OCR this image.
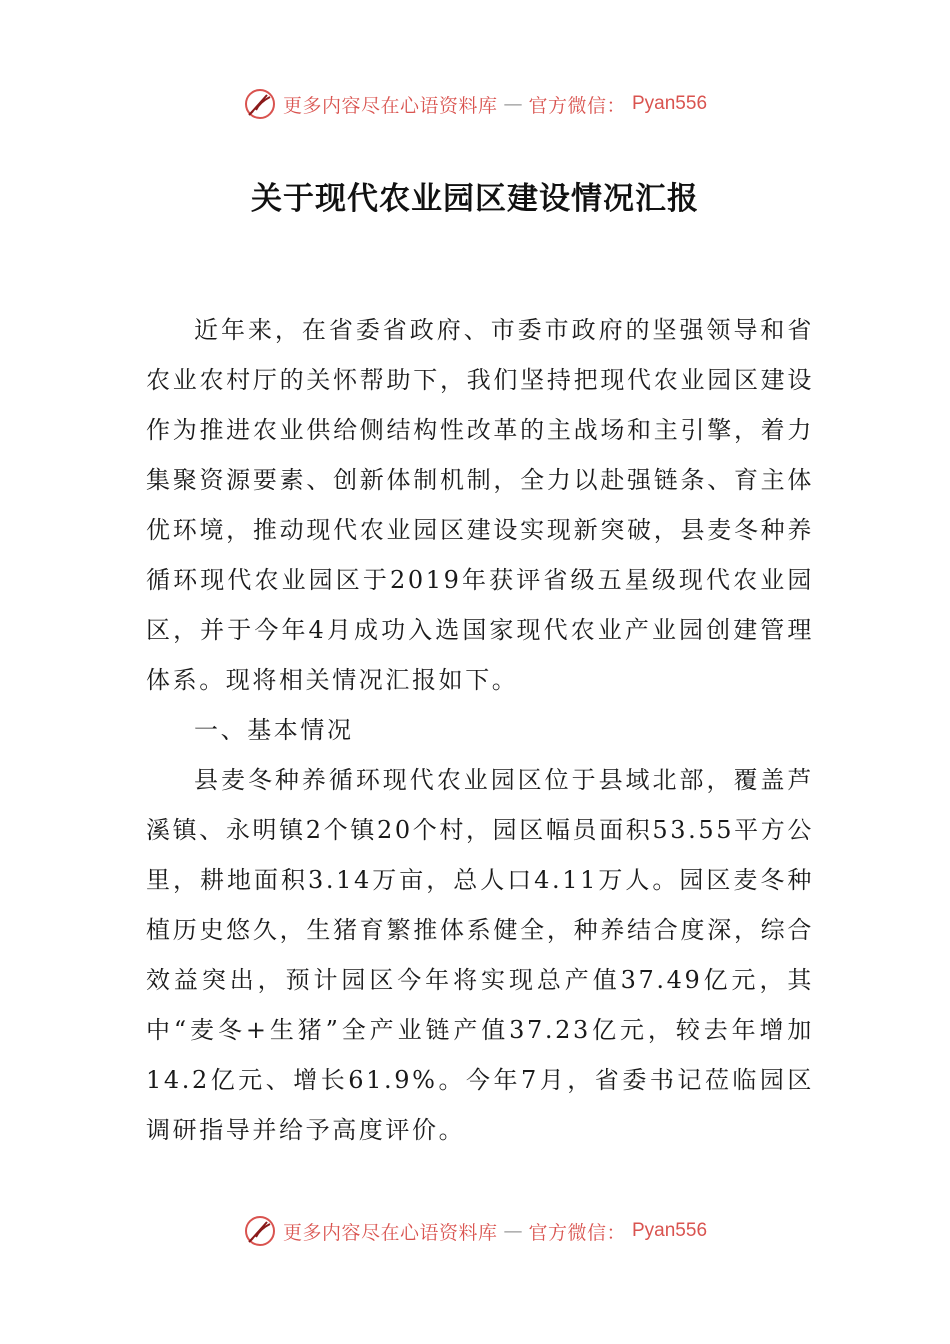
更多内容尽在心语资料库 — 官方微信： Pyan556
关于现代农业园区建设情况汇报

近年来，在省委省政府、市委市政府的坚强领导和省农业农村厅的关怀帮助下，我们坚持把现代农业园区建设作为推进农业供给侧结构性改革的主战场和主引擎，着力集聚资源要素、创新体制机制，全力以赴强链条、育主体优环境，推动现代农业园区建设实现新突破，县麦冬种养循环现代农业园区于2019年获评省级五星级现代农业园区，并于今年4月成功入选国家现代农业产业园创建管理体系。现将相关情况汇报如下。

一、基本情况

县麦冬种养循环现代农业园区位于县域北部，覆盖芦溪镇、永明镇2个镇20个村，园区幅员面积53.55平方公里，耕地面积3.14万亩，总人口4.11万人。园区麦冬种植历史悠久，生猪育繁推体系健全，种养结合度深，综合效益突出，预计园区今年将实现总产值37.49亿元，其中“麦冬+生猪”全产业链产值37.23亿元，较去年增加14.2亿元、增长61.9%。今年7月，省委书记莅临园区调研指导并给予高度评价。

更多内容尽在心语资料库 — 官方微信： Pyan556
